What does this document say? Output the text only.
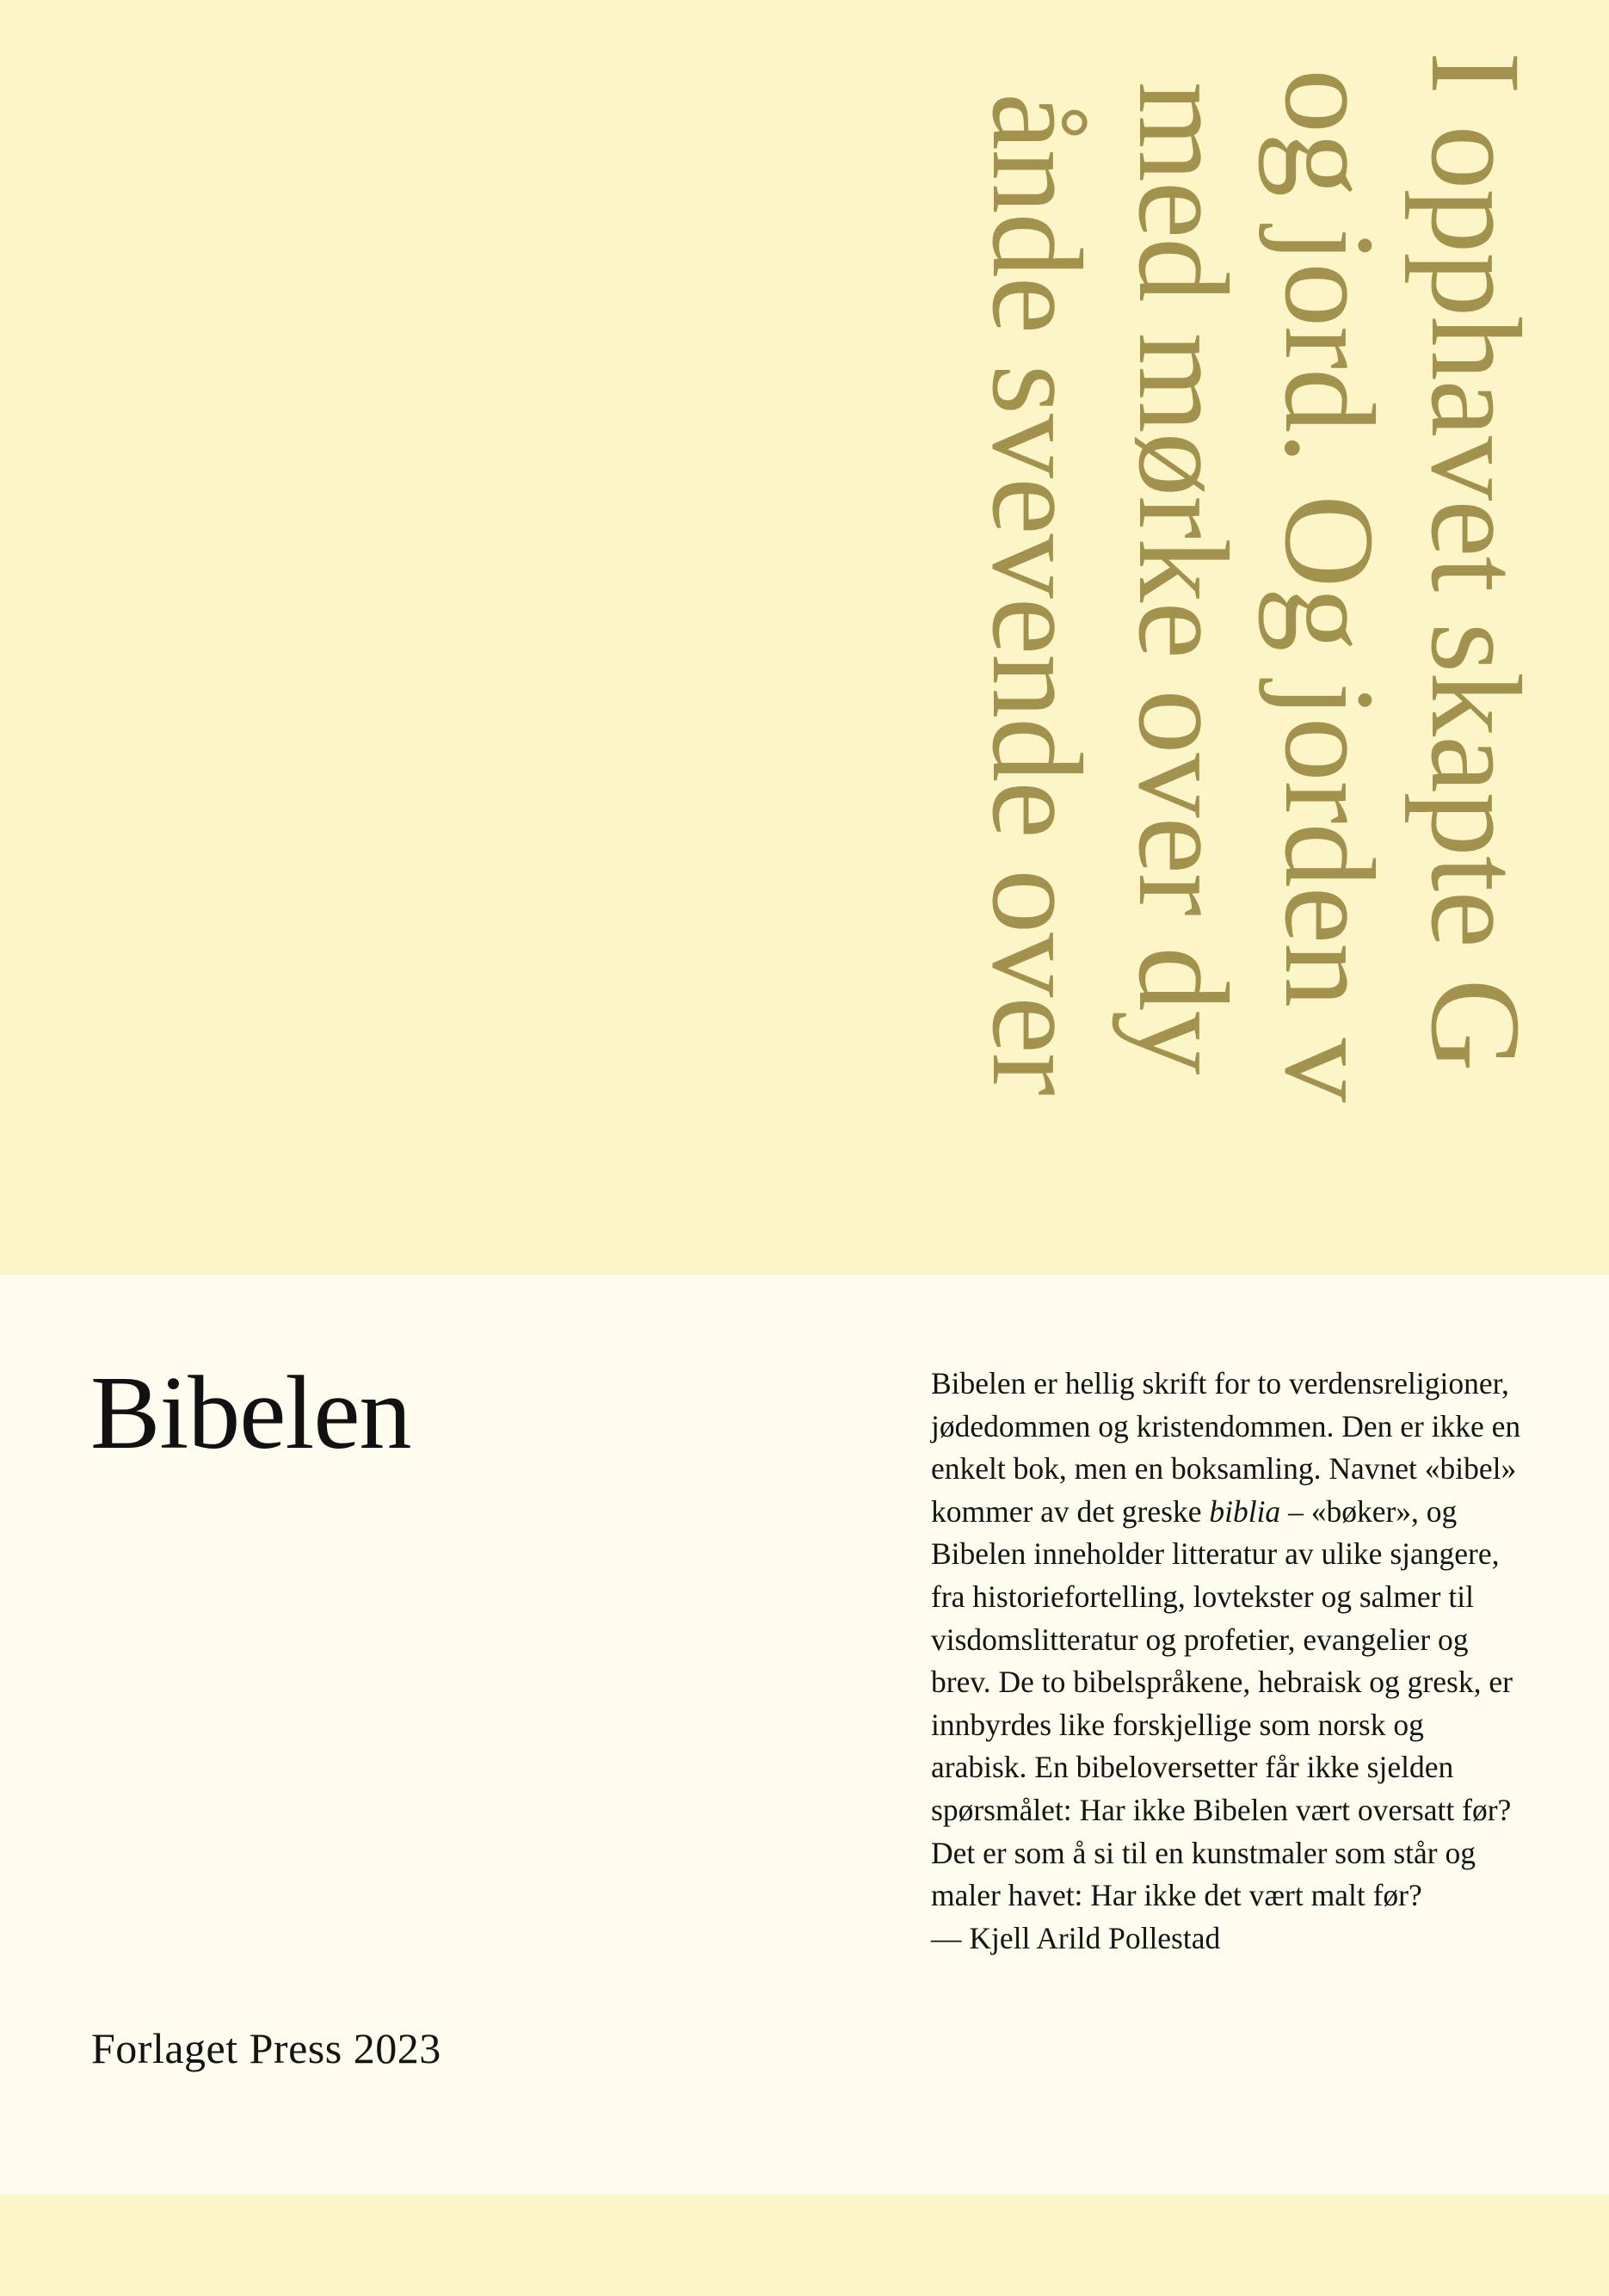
I opphavet skapte G
og jord. Og jorden v
med mørke over dy
ånde svevende over
Bibelen	Bibelen er hellig skrift for to verdensreligioner, jødedommen og kristendommen. Den er ikke en enkelt bok, men en boksamling. Navnet «bibel» kommer av det greske biblia – «bøker», og Bibelen inneholder litteratur av ulike sjangere, fra historiefortelling, lovtekster og salmer til visdomslitteratur og profetier, evangelier og brev. De to bibelspråkene, hebraisk og gresk, er innbyrdes like forskjellige som norsk og arabisk. En bibeloversetter får ikke sjelden spørsmålet: Har ikke Bibelen vært oversatt før? Det er som å si til en kunstmaler som står og maler havet: Har ikke det vært malt før?
— Kjell Arild Pollestad
Forlaget Press 2023
